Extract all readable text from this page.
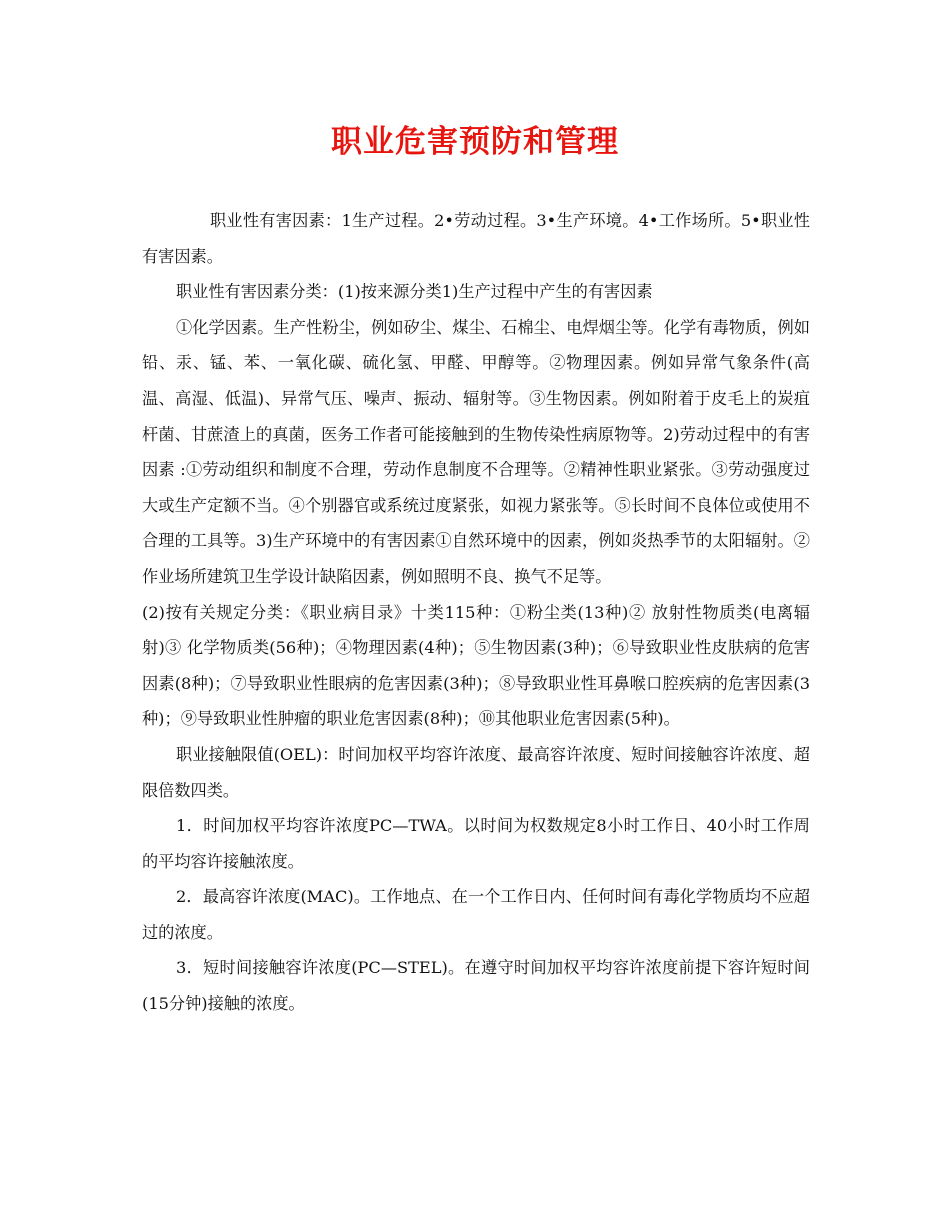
职业危害预防和管理

职业性有害因素：1生产过程。2•劳动过程。3•生产环境。4•工作场所。5•职业性有害因素。

职业性有害因素分类：(1)按来源分类1)生产过程中产生的有害因素

①化学因素。生产性粉尘，例如矽尘、煤尘、石棉尘、电焊烟尘等。化学有毒物质，例如铅、汞、锰、苯、一氧化碳、硫化氢、甲醛、甲醇等。②物理因素。例如异常气象条件(高温、高湿、低温)、异常气压、噪声、振动、辐射等。③生物因素。例如附着于皮毛上的炭疽杆菌、甘蔗渣上的真菌，医务工作者可能接触到的生物传染性病原物等。2)劳动过程中的有害因素 :①劳动组织和制度不合理，劳动作息制度不合理等。②精神性职业紧张。③劳动强度过大或生产定额不当。④个别器官或系统过度紧张，如视力紧张等。⑤长时间不良体位或使用不合理的工具等。3)生产环境中的有害因素①自然环境中的因素，例如炎热季节的太阳辐射。②作业场所建筑卫生学设计缺陷因素，例如照明不良、换气不足等。

(2)按有关规定分类：《职业病目录》十类115种：①粉尘类(13种)② 放射性物质类(电离辐射)③ 化学物质类(56种)；④物理因素(4种)；⑤生物因素(3种)；⑥导致职业性皮肤病的危害因素(8种)；⑦导致职业性眼病的危害因素(3种)；⑧导致职业性耳鼻喉口腔疾病的危害因素(3种)；⑨导致职业性肿瘤的职业危害因素(8种)；⑩其他职业危害因素(5种)。

职业接触限值(OEL)：时间加权平均容许浓度、最高容许浓度、短时间接触容许浓度、超限倍数四类。

1．时间加权平均容许浓度PC—TWA。以时间为权数规定8小时工作日、40小时工作周的平均容许接触浓度。

2．最高容许浓度(MAC)。工作地点、在一个工作日内、任何时间有毒化学物质均不应超过的浓度。

3．短时间接触容许浓度(PC—STEL)。在遵守时间加权平均容许浓度前提下容许短时间(15分钟)接触的浓度。
